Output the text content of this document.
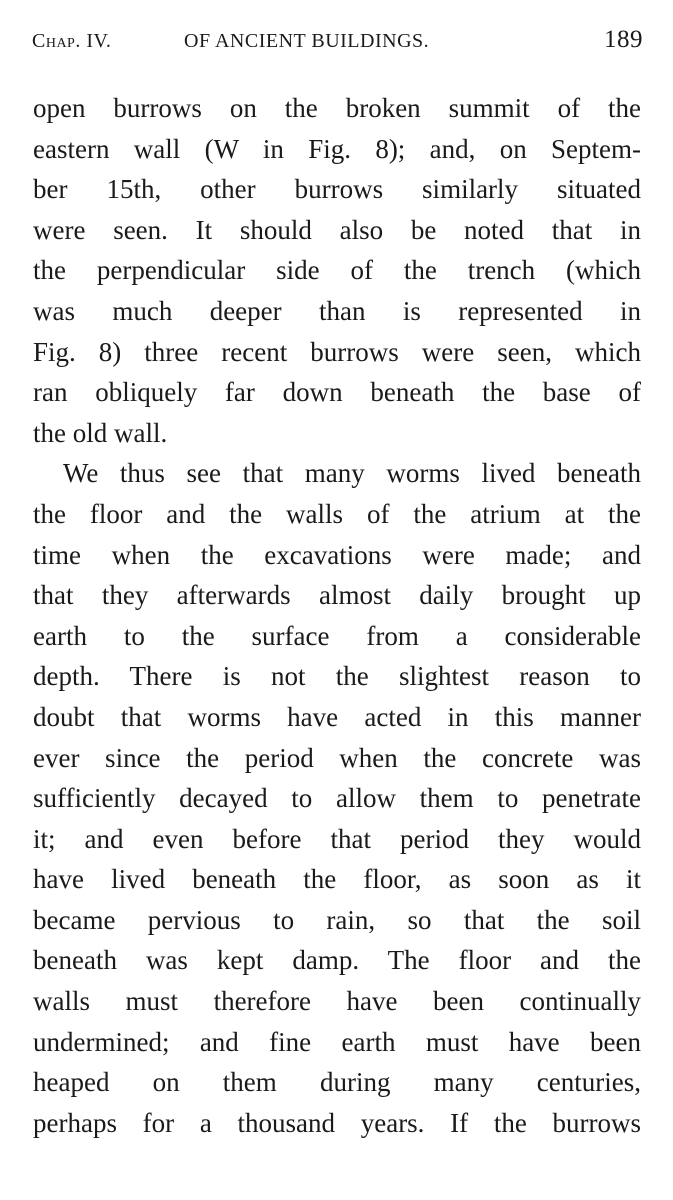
Chap. IV.	OF ANCIENT BUILDINGS.	189
open burrows on the broken summit of the
eastern wall (W in Fig. 8); and, on Septem-
ber 15th, other burrows similarly situated
were seen. It should also be noted that in
the perpendicular side of the trench (which
was much deeper than is represented in
Fig. 8) three recent burrows were seen, which
ran obliquely far down beneath the base of
the old wall.
We thus see that many worms lived beneath
the floor and the walls of the atrium at the
time when the excavations were made; and
that they afterwards almost daily brought up
earth to the surface from a considerable
depth. There is not the slightest reason to
doubt that worms have acted in this manner
ever since the period when the concrete was
sufficiently decayed to allow them to penetrate
it; and even before that period they would
have lived beneath the floor, as soon as it
became pervious to rain, so that the soil
beneath was kept damp. The floor and the
walls must therefore have been continually
undermined; and fine earth must have been
heaped on them during many centuries,
perhaps for a thousand years. If the burrows
